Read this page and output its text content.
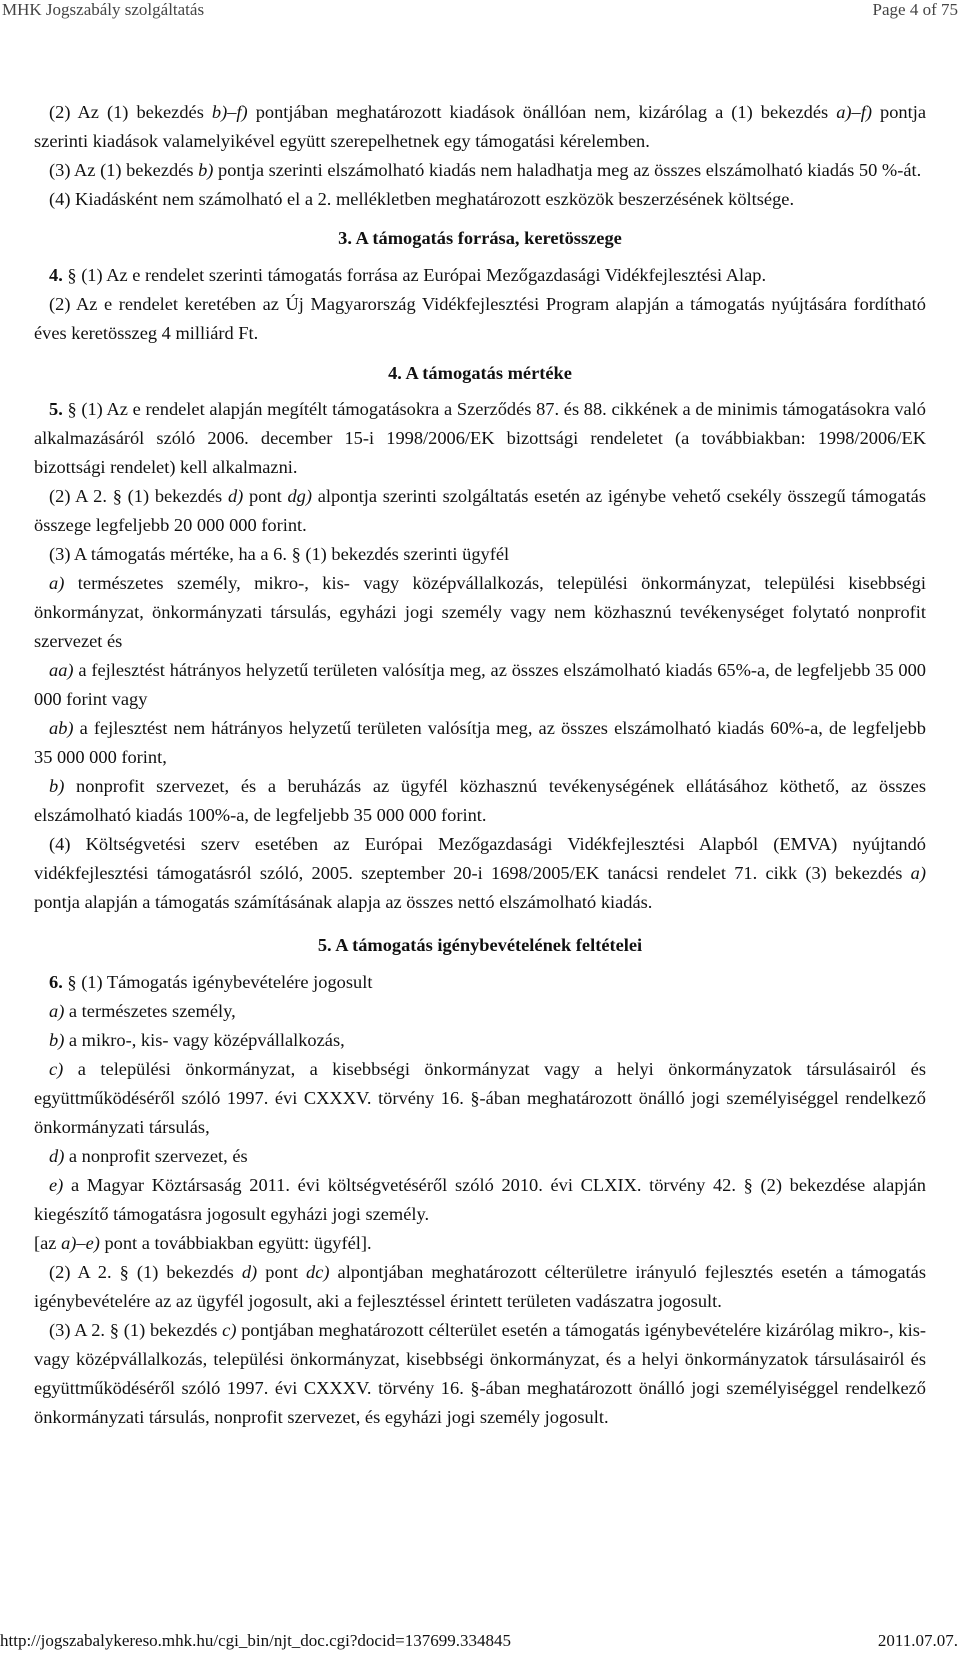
MHK Jogszabály szolgáltatás	Page 4 of 75

(2) Az (1) bekezdés b)–f) pontjában meghatározott kiadások önállóan nem, kizárólag a (1) bekezdés a)–f) pontja szerinti kiadások valamelyikével együtt szerepelhetnek egy támogatási kérelemben.

(3) Az (1) bekezdés b) pontja szerinti elszámolható kiadás nem haladhatja meg az összes elszámolható kiadás 50 %-át.

(4) Kiadásként nem számolható el a 2. mellékletben meghatározott eszközök beszerzésének költsége.

3. A támogatás forrása, keretösszege

4. § (1) Az e rendelet szerinti támogatás forrása az Európai Mezőgazdasági Vidékfejlesztési Alap.

(2) Az e rendelet keretében az Új Magyarország Vidékfejlesztési Program alapján a támogatás nyújtására fordítható éves keretösszeg 4 milliárd Ft.

4. A támogatás mértéke

5. § (1) Az e rendelet alapján megítélt támogatásokra a Szerződés 87. és 88. cikkének a de minimis támogatásokra való alkalmazásáról szóló 2006. december 15-i 1998/2006/EK bizottsági rendeletet (a továbbiakban: 1998/2006/EK bizottsági rendelet) kell alkalmazni.

(2) A 2. § (1) bekezdés d) pont dg) alpontja szerinti szolgáltatás esetén az igénybe vehető csekély összegű támogatás összege legfeljebb 20 000 000 forint.

(3) A támogatás mértéke, ha a 6. § (1) bekezdés szerinti ügyfél

a) természetes személy, mikro-, kis- vagy középvállalkozás, települési önkormányzat, települési kisebbségi önkormányzat, önkormányzati társulás, egyházi jogi személy vagy nem közhasznú tevékenységet folytató nonprofit szervezet és

aa) a fejlesztést hátrányos helyzetű területen valósítja meg, az összes elszámolható kiadás 65%-a, de legfeljebb 35 000 000 forint vagy

ab) a fejlesztést nem hátrányos helyzetű területen valósítja meg, az összes elszámolható kiadás 60%-a, de legfeljebb 35 000 000 forint,

b) nonprofit szervezet, és a beruházás az ügyfél közhasznú tevékenységének ellátásához köthető, az összes elszámolható kiadás 100%-a, de legfeljebb 35 000 000 forint.

(4) Költségvetési szerv esetében az Európai Mezőgazdasági Vidékfejlesztési Alapból (EMVA) nyújtandó vidékfejlesztési támogatásról szóló, 2005. szeptember 20-i 1698/2005/EK tanácsi rendelet 71. cikk (3) bekezdés a) pontja alapján a támogatás számításának alapja az összes nettó elszámolható kiadás.

5. A támogatás igénybevételének feltételei

6. § (1) Támogatás igénybevételére jogosult

a) a természetes személy,

b) a mikro-, kis- vagy középvállalkozás,

c) a települési önkormányzat, a kisebbségi önkormányzat vagy a helyi önkormányzatok társulásairól és együttműködéséről szóló 1997. évi CXXXV. törvény 16. §-ában meghatározott önálló jogi személyiséggel rendelkező önkormányzati társulás,

d) a nonprofit szervezet, és

e) a Magyar Köztársaság 2011. évi költségvetéséről szóló 2010. évi CLXIX. törvény 42. § (2) bekezdése alapján kiegészítő támogatásra jogosult egyházi jogi személy.

[az a)–e) pont a továbbiakban együtt: ügyfél].

(2) A 2. § (1) bekezdés d) pont dc) alpontjában meghatározott célterületre irányuló fejlesztés esetén a támogatás igénybevételére az az ügyfél jogosult, aki a fejlesztéssel érintett területen vadászatra jogosult.

(3) A 2. § (1) bekezdés c) pontjában meghatározott célterület esetén a támogatás igénybevételére kizárólag mikro-, kis- vagy középvállalkozás, települési önkormányzat, kisebbségi önkormányzat, és a helyi önkormányzatok társulásairól és együttműködéséről szóló 1997. évi CXXXV. törvény 16. §-ában meghatározott önálló jogi személyiséggel rendelkező önkormányzati társulás, nonprofit szervezet, és egyházi jogi személy jogosult.

http://jogszabalykereso.mhk.hu/cgi_bin/njt_doc.cgi?docid=137699.334845	2011.07.07.
